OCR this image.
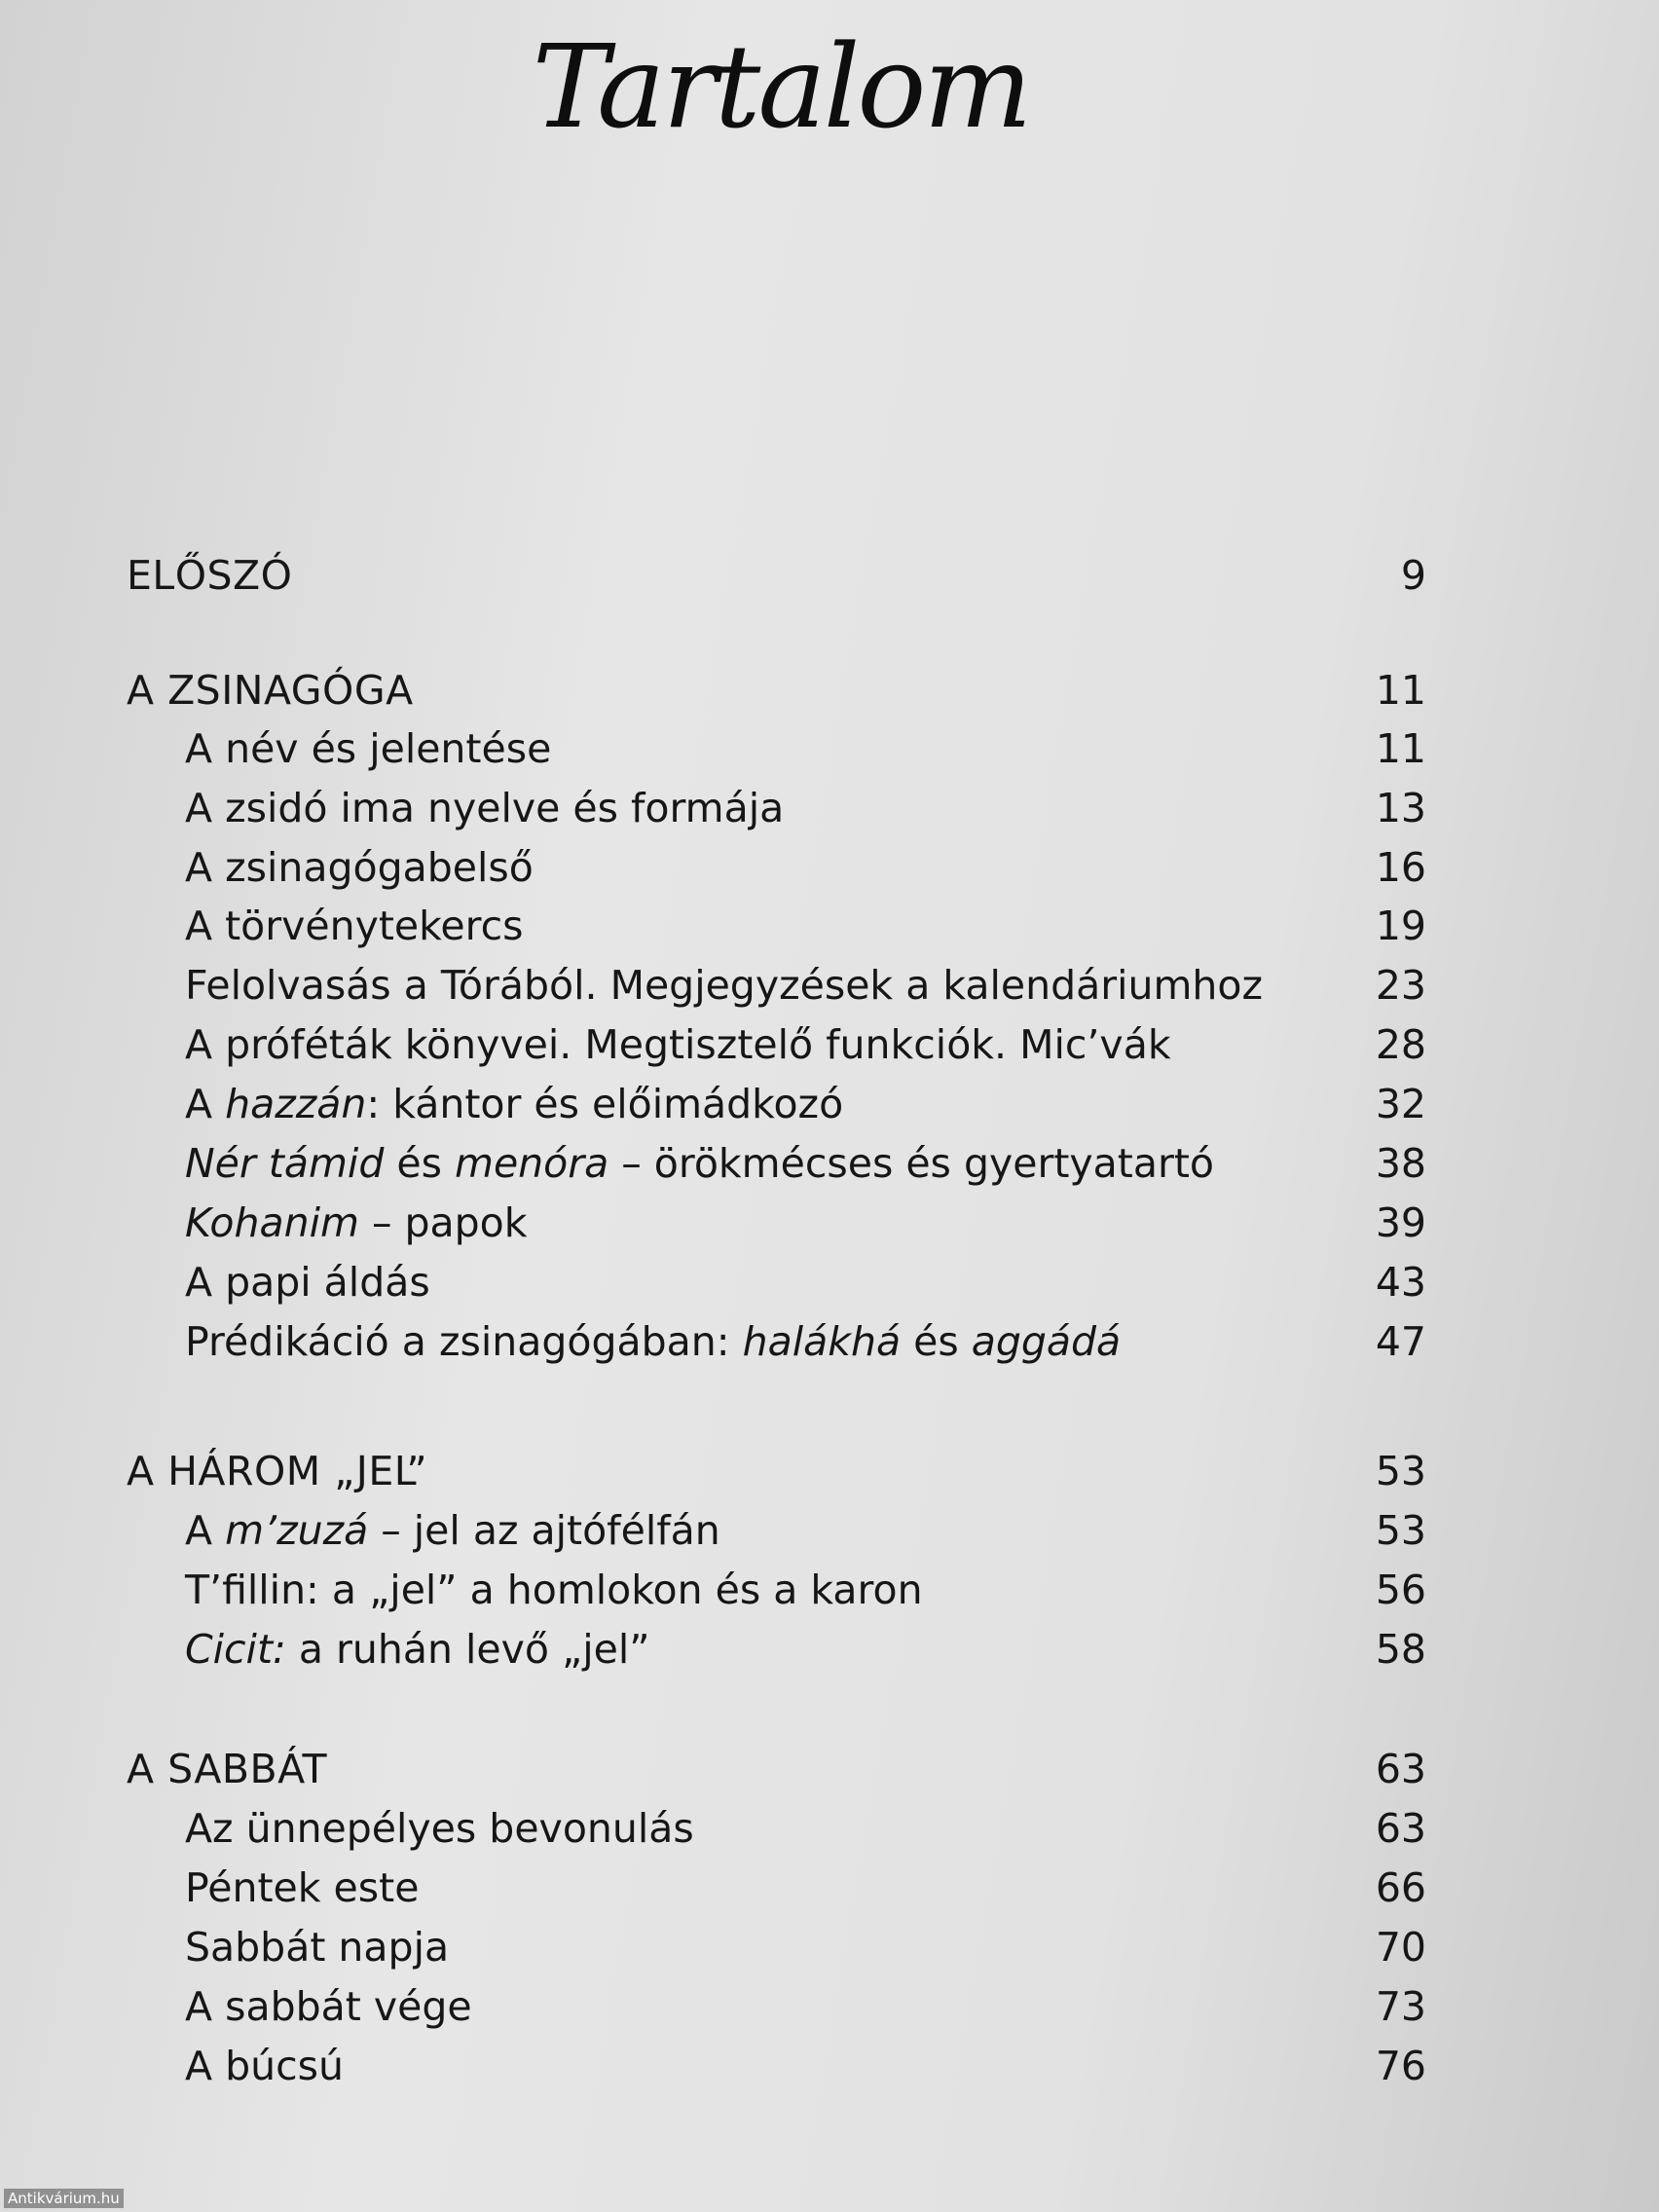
Tartalom
ELŐSZÓ	9
A ZSINAGÓGA	11
A név és jelentése	11
A zsidó ima nyelve és formája	13
A zsinagógabelső	16
A törvénytekercs	19
Felolvasás a Tórából. Megjegyzések a kalendáriumhoz	23
A próféták könyvei. Megtisztelő funkciók. Mic’vák	28
A hazzán: kántor és előimádkozó	32
Nér támid és menóra – örökmécses és gyertyatartó	38
Kohanim – papok	39
A papi áldás	43
Prédikáció a zsinagógában: halákhá és aggádá	47
A HÁROM „JEL”	53
A m’zuzá – jel az ajtófélfán	53
T’fillin: a „jel” a homlokon és a karon	56
Cicit: a ruhán levő „jel”	58
A SABBÁT	63
Az ünnepélyes bevonulás	63
Péntek este	66
Sabbát napja	70
A sabbát vége	73
A búcsú	76
Antikvárium.hu
